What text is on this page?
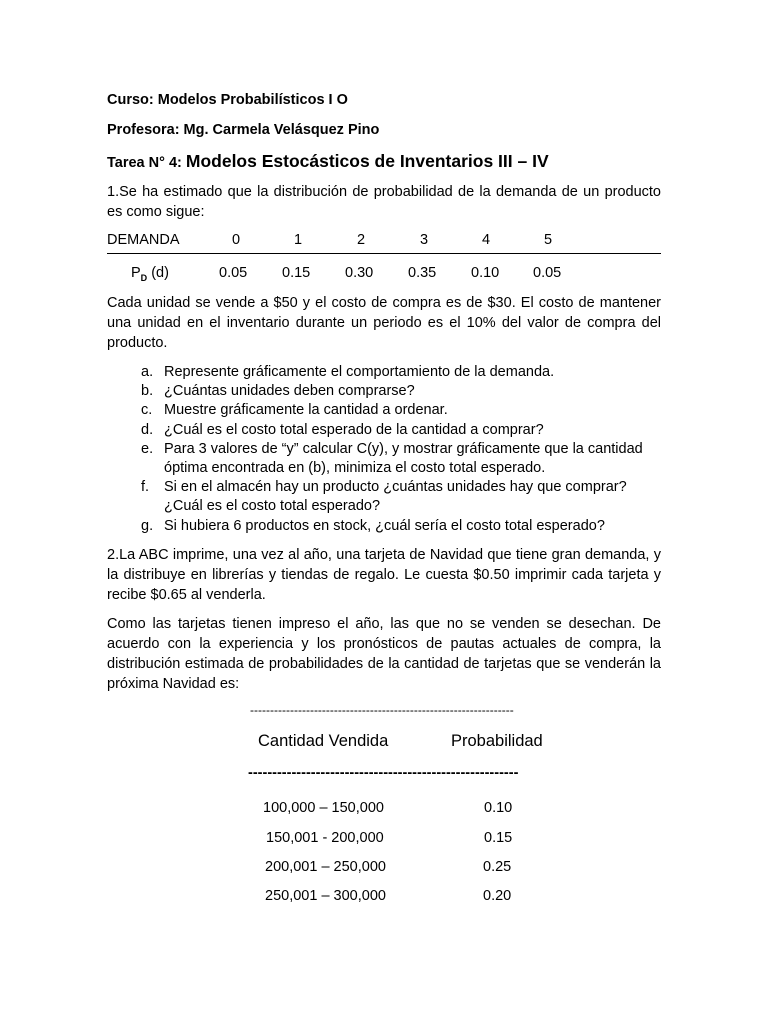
Curso: Modelos Probabilísticos I O
Profesora: Mg. Carmela Velásquez Pino
Tarea N° 4: Modelos Estocásticos de Inventarios III – IV
1.Se ha estimado que la distribución de probabilidad de la demanda de un producto es como sigue:
DEMANDA	0	1	2	3	4	5
$P_D$ (d)	0.05 0.15 0.30 0.35 0.10 0.05
Cada unidad se vende a $50 y el costo de compra es de $30. El costo de mantener una unidad en el inventario durante un periodo es el 10% del valor de compra del producto.
a. Represente gráficamente el comportamiento de la demanda.
b. ¿Cuántas unidades deben comprarse?
c. Muestre gráficamente la cantidad a ordenar.
d. ¿Cuál es el costo total esperado de la cantidad a comprar?
e. Para 3 valores de “y” calcular C(y), y mostrar gráficamente que la cantidad óptima encontrada en (b), minimiza el costo total esperado.
f. Si en el almacén hay un producto ¿cuántas unidades hay que comprar? ¿Cuál es el costo total esperado?
g. Si hubiera 6 productos en stock, ¿cuál sería el costo total esperado?
2.La ABC imprime, una vez al año, una tarjeta de Navidad que tiene gran demanda, y la distribuye en librerías y tiendas de regalo. Le cuesta $0.50 imprimir cada tarjeta y recibe $0.65 al venderla.
Como las tarjetas tienen impreso el año, las que no se venden se desechan. De acuerdo con la experiencia y los pronósticos de pautas actuales de compra, la distribución estimada de probabilidades de la cantidad de tarjetas que se venderán la próxima Navidad es:
------------------------------------------------------------------
Cantidad Vendida	Probabilidad
--------------------------------------------------------
100,000 – 150,000	0.10
150,001 - 200,000	0.15
200,001 – 250,000	0.25
250,001 – 300,000	0.20
